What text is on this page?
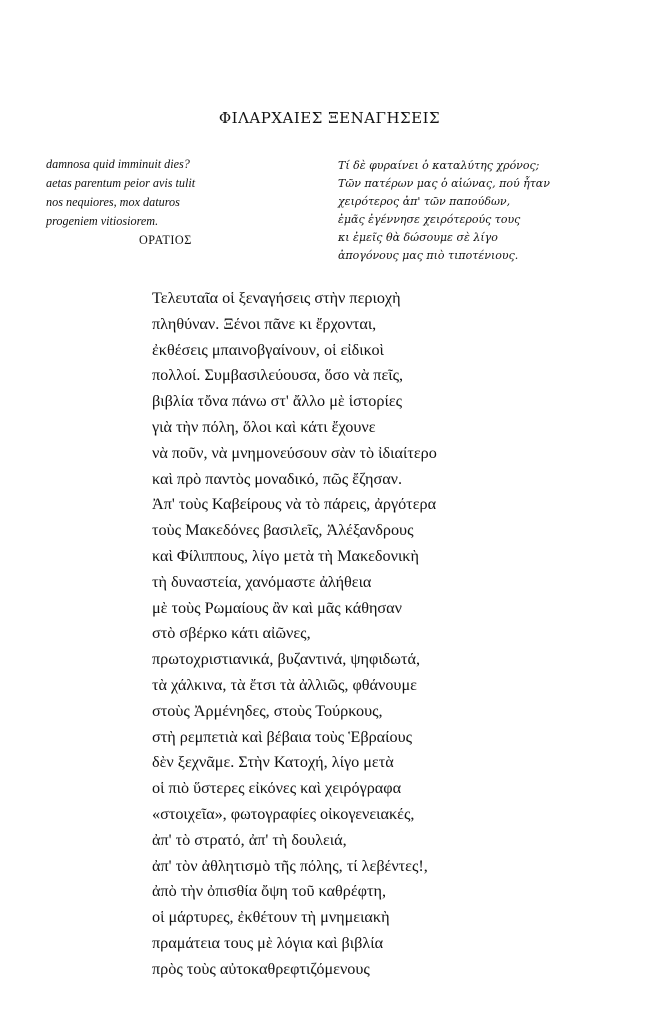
ΦΙΛΑΡΧΑΙΕΣ ΞΕΝΑΓΗΣΕΙΣ
damnosa quid imminuit dies?
aetas parentum peior avis tulit
nos nequiores, mox daturos
progeniem vitiosiorem.
ΟΡΑΤΙΟΣ
Τί δὲ φυραίνει ὁ καταλύτης χρόνος;
Τῶν πατέρων μας ὁ αἰώνας, πού ἦταν
χειρότερος ἀπ' τῶν παπούδων,
ἐμᾶς ἐγέννησε χειρότερούς τους
κι ἐμεῖς θὰ δώσουμε σὲ λίγο
ἀπογόνους μας πιὸ τιποτένιους.
Τελευταῖα οἱ ξεναγήσεις στὴν περιοχὴ
πληθύναν. Ξένοι πᾶνε κι ἔρχονται,
ἐκθέσεις μπαινοβγαίνουν, οἱ εἰδικοὶ
πολλοί. Συμβασιλεύουσα, ὅσο νὰ πεῖς,
βιβλία τὄνα πάνω στ' ἄλλο μὲ ἱστορίες
γιὰ τὴν πόλη, ὅλοι καὶ κάτι ἔχουνε
νὰ ποῦν, νὰ μνημονεύσουν σὰν τὸ ἰδιαίτερο
καὶ πρὸ παντὸς μοναδικό, πῶς ἔζησαν.
Ἀπ' τοὺς Καβείρους νὰ τὸ πάρεις, ἀργότερα
τοὺς Μακεδόνες βασιλεῖς, Ἀλέξανδρους
καὶ Φίλιππους, λίγο μετὰ τὴ Μακεδονικὴ
τὴ δυναστεία, χανόμαστε ἀλήθεια
μὲ τοὺς Ρωμαίους ἂν καὶ μᾶς κάθησαν
στὸ σβέρκο κάτι αἰῶνες,
πρωτοχριστιανικά, βυζαντινά, ψηφιδωτά,
τὰ χάλκινα, τὰ ἔτσι τὰ ἀλλιῶς, φθάνουμε
στοὺς Ἀρμένηδες, στοὺς Τούρκους,
στὴ ρεμπετιὰ καὶ βέβαια τοὺς Ἑβραίους
δὲν ξεχνᾶμε. Στὴν Κατοχή, λίγο μετὰ
οἱ πιὸ ὕστερες εἰκόνες καὶ χειρόγραφα
«στοιχεῖα», φωτογραφίες οἰκογενειακές,
ἀπ' τὸ στρατό, ἀπ' τὴ δουλειά,
ἀπ' τὸν ἀθλητισμὸ τῆς πόλης, τί λεβέντες!,
ἀπὸ τὴν ὀπισθία ὄψη τοῦ καθρέφτη,
οἱ μάρτυρες, ἐκθέτουν τὴ μνημειακὴ
πραμάτεια τους μὲ λόγια καὶ βιβλία
πρὸς τοὺς αὐτοκαθρεφτιζόμενους
